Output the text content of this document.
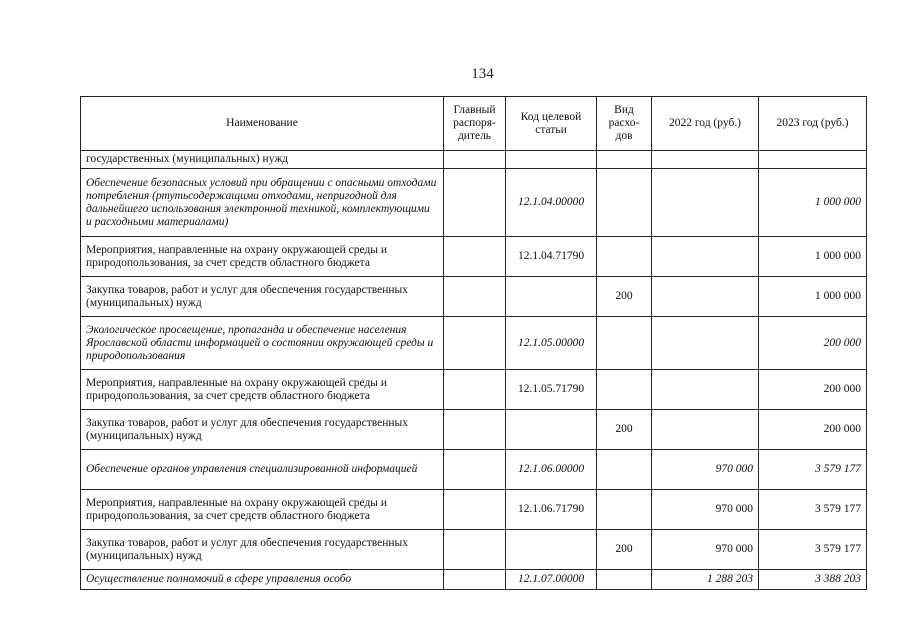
134
Наименование	Главный распоря-дитель	Код целевой статьи	Вид расхо-дов	2022 год (руб.)	2023 год (руб.)
государственных (муниципальных) нужд					
Обеспечение безопасных условий при обращении с опасными отходами потребления (ртутьсодержащими отходами, непригодной для дальнейшего использования электронной техникой, комплектующими и расходными материалами)		12.1.04.00000			1 000 000
Мероприятия, направленные на охрану окружающей среды и природопользования, за счет средств областного бюджета		12.1.04.71790			1 000 000
Закупка товаров, работ и услуг для обеспечения государственных (муниципальных) нужд			200		1 000 000
Экологическое просвещение, пропаганда и обеспечение населения Ярославской области информацией о состоянии окружающей среды и природопользования		12.1.05.00000			200 000
Мероприятия, направленные на охрану окружающей среды и природопользования, за счет средств областного бюджета		12.1.05.71790			200 000
Закупка товаров, работ и услуг для обеспечения государственных (муниципальных) нужд			200		200 000
Обеспечение органов управления специализированной информацией		12.1.06.00000		970 000	3 579 177
Мероприятия, направленные на охрану окружающей среды и природопользования, за счет средств областного бюджета		12.1.06.71790		970 000	3 579 177
Закупка товаров, работ и услуг для обеспечения государственных (муниципальных) нужд			200	970 000	3 579 177
Осуществление полномочий в сфере управления особо		12.1.07.00000		1 288 203	3 388 203
